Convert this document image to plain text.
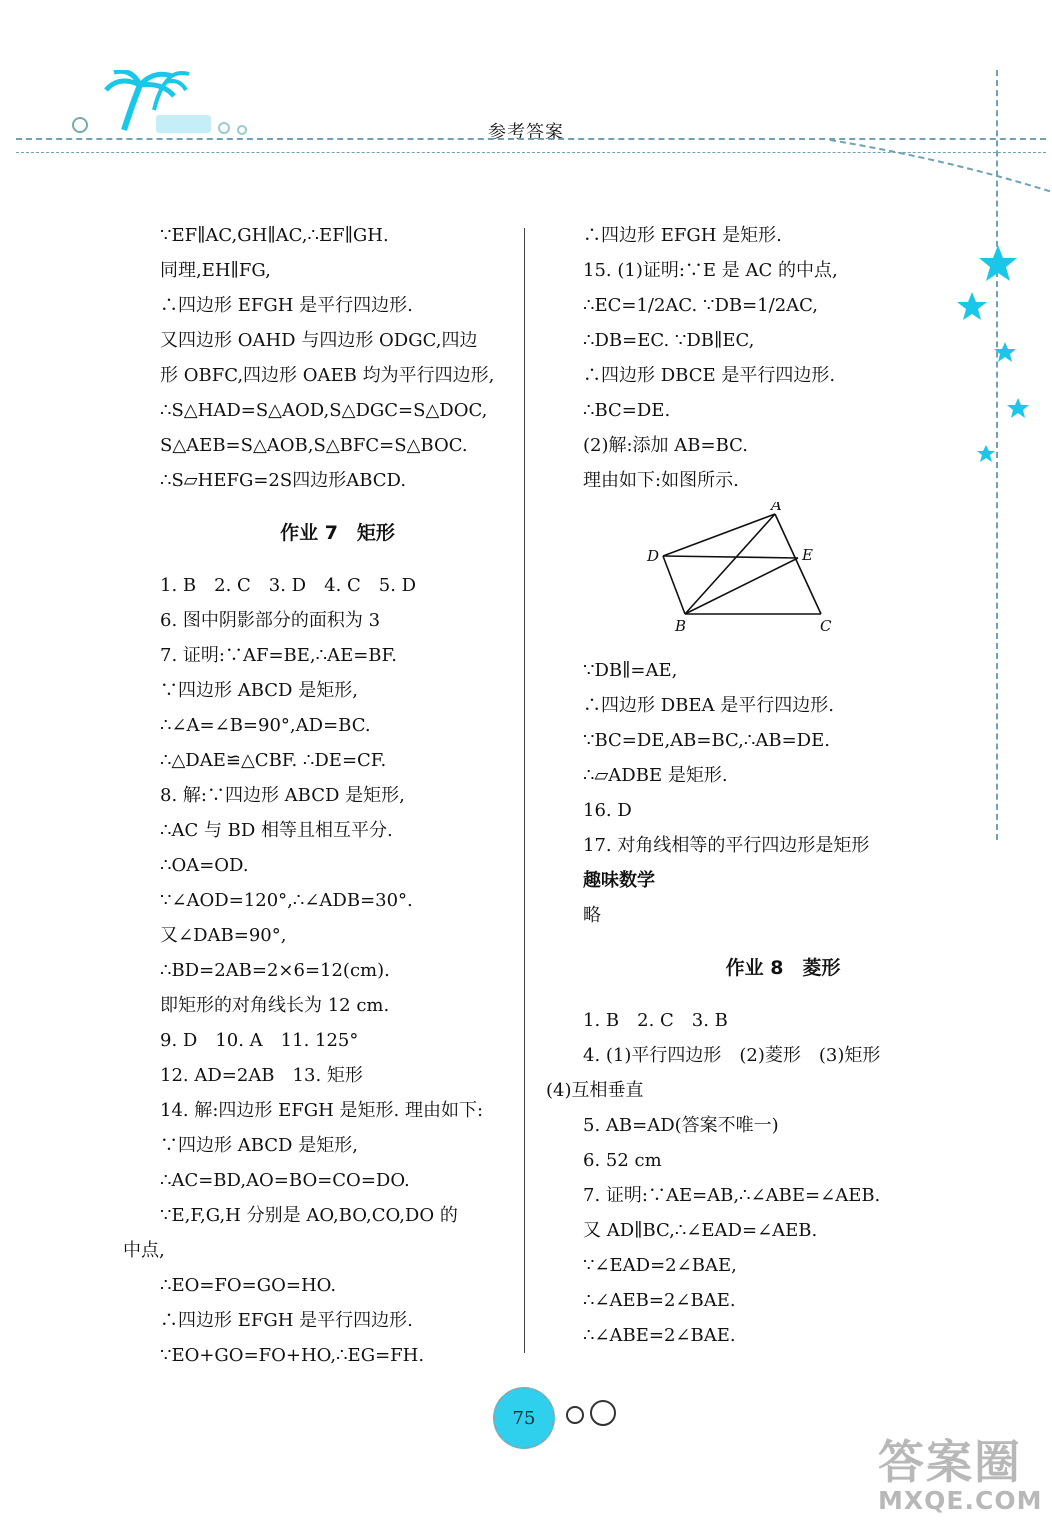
参考答案
∵EF∥AC,GH∥AC,∴EF∥GH.
同理,EH∥FG,
∴四边形 EFGH 是平行四边形.
又四边形 OAHD 与四边形 ODGC,四边
形 OBFC,四边形 OAEB 均为平行四边形,
∴S△HAD=S△AOD,S△DGC=S△DOC,
S△AEB=S△AOB,S△BFC=S△BOC.
∴S▱HEFG=2S四边形ABCD.
作业 7　矩形
1. B　2. C　3. D　4. C　5. D
6. 图中阴影部分的面积为 3
7. 证明:∵AF=BE,∴AE=BF.
∵四边形 ABCD 是矩形,
∴∠A=∠B=90°,AD=BC.
∴△DAE≌△CBF. ∴DE=CF.
8. 解:∵四边形 ABCD 是矩形,
∴AC 与 BD 相等且相互平分.
∴OA=OD.
∵∠AOD=120°,∴∠ADB=30°.
又∠DAB=90°,
∴BD=2AB=2×6=12(cm).
即矩形的对角线长为 12 cm.
9. D　10. A　11. 125°
12. AD=2AB　13. 矩形
14. 解:四边形 EFGH 是矩形. 理由如下:
∵四边形 ABCD 是矩形,
∴AC=BD,AO=BO=CO=DO.
∵E,F,G,H 分别是 AO,BO,CO,DO 的
中点,
∴EO=FO=GO=HO.
∴四边形 EFGH 是平行四边形.
∵EO+GO=FO+HO,∴EG=FH.
∴四边形 EFGH 是矩形.
15. (1)证明:∵E 是 AC 的中点,
∴EC=1/2AC. ∵DB=1/2AC,
∴DB=EC. ∵DB∥EC,
∴四边形 DBCE 是平行四边形.
∴BC=DE.
(2)解:添加 AB=BC.
理由如下:如图所示.
A
D	E
B	C
∵DB∥=AE,
∴四边形 DBEA 是平行四边形.
∵BC=DE,AB=BC,∴AB=DE.
∴▱ADBE 是矩形.
16. D
17. 对角线相等的平行四边形是矩形
趣味数学
略
作业 8　菱形
1. B　2. C　3. B
4. (1)平行四边形　(2)菱形　(3)矩形
(4)互相垂直
5. AB=AD(答案不唯一)
6. 52 cm
7. 证明:∵AE=AB,∴∠ABE=∠AEB.
又 AD∥BC,∴∠EAD=∠AEB.
∵∠EAD=2∠BAE,
∴∠AEB=2∠BAE.
∴∠ABE=2∠BAE.
75
答案圈
MXQE.COM
